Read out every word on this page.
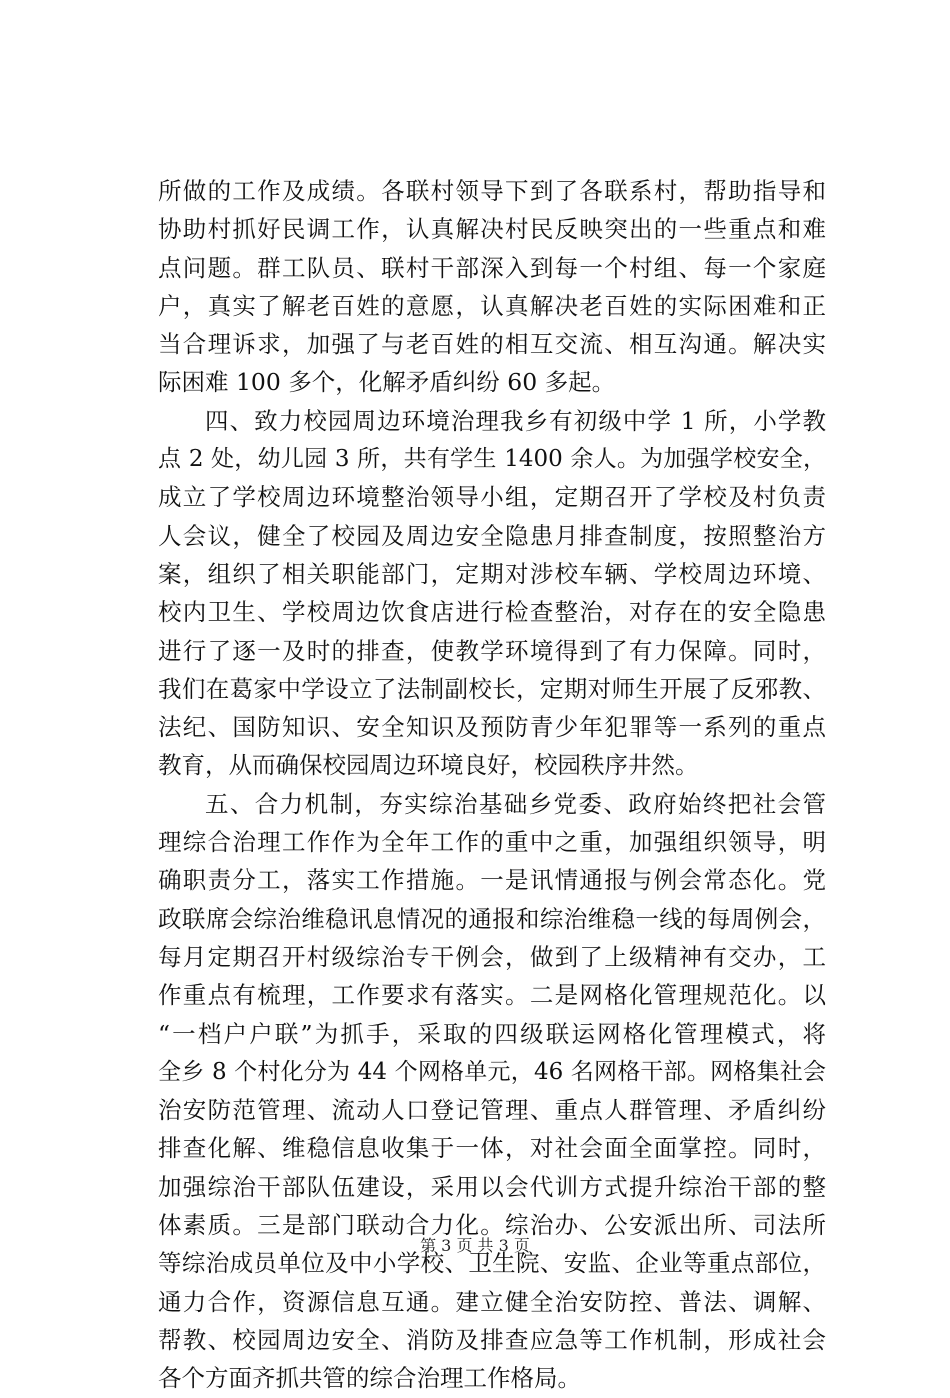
所做的工作及成绩。各联村领导下到了各联系村，帮助指导和
协助村抓好民调工作，认真解决村民反映突出的一些重点和难
点问题。群工队员、联村干部深入到每一个村组、每一个家庭
户，真实了解老百姓的意愿，认真解决老百姓的实际困难和正
当合理诉求，加强了与老百姓的相互交流、相互沟通。解决实
际困难 100 多个，化解矛盾纠纷 60 多起。
四、致力校园周边环境治理我乡有初级中学 1 所，小学教
点 2 处，幼儿园 3 所，共有学生 1400 余人。为加强学校安全，
成立了学校周边环境整治领导小组，定期召开了学校及村负责
人会议，健全了校园及周边安全隐患月排查制度，按照整治方
案，组织了相关职能部门，定期对涉校车辆、学校周边环境、
校内卫生、学校周边饮食店进行检查整治，对存在的安全隐患
进行了逐一及时的排查，使教学环境得到了有力保障。同时，
我们在葛家中学设立了法制副校长，定期对师生开展了反邪教、
法纪、国防知识、安全知识及预防青少年犯罪等一系列的重点
教育，从而确保校园周边环境良好，校园秩序井然。
五、合力机制，夯实综治基础乡党委、政府始终把社会管
理综合治理工作作为全年工作的重中之重，加强组织领导，明
确职责分工，落实工作措施。一是讯情通报与例会常态化。党
政联席会综治维稳讯息情况的通报和综治维稳一线的每周例会，
每月定期召开村级综治专干例会，做到了上级精神有交办，工
作重点有梳理，工作要求有落实。二是网格化管理规范化。以
“一档户户联”为抓手，采取的四级联运网格化管理模式，将
全乡 8 个村化分为 44 个网格单元，46 名网格干部。网格集社会
治安防范管理、流动人口登记管理、重点人群管理、矛盾纠纷
排查化解、维稳信息收集于一体，对社会面全面掌控。同时，
加强综治干部队伍建设，采用以会代训方式提升综治干部的整
体素质。三是部门联动合力化。综治办、公安派出所、司法所
等综治成员单位及中小学校、卫生院、安监、企业等重点部位，
通力合作，资源信息互通。建立健全治安防控、普法、调解、
帮教、校园周边安全、消防及排查应急等工作机制，形成社会
各个方面齐抓共管的综合治理工作格局。
第 3 页 共 3 页
